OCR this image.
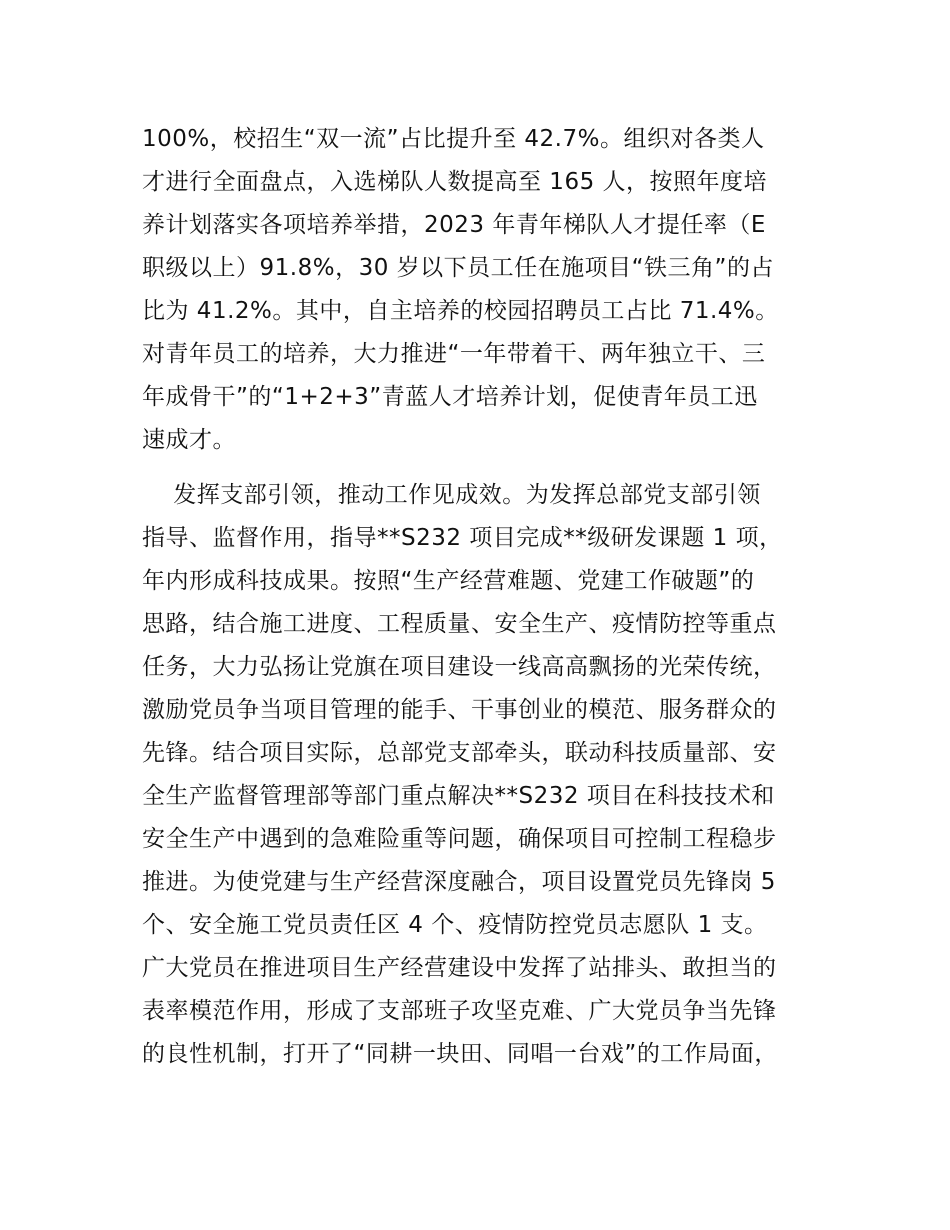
100%，校招生“双一流”占比提升至 42.7%。组织对各类人
才进行全面盘点，入选梯队人数提高至 165 人，按照年度培
养计划落实各项培养举措，2023 年青年梯队人才提任率（E
职级以上）91.8%，30 岁以下员工任在施项目“铁三角”的占
比为 41.2%。其中，自主培养的校园招聘员工占比 71.4%。
对青年员工的培养，大力推进“一年带着干、两年独立干、三
年成骨干”的“1+2+3”青蓝人才培养计划，促使青年员工迅
速成才。
发挥支部引领，推动工作见成效。为发挥总部党支部引领
指导、监督作用，指导**S232 项目完成**级研发课题 1 项，
年内形成科技成果。按照“生产经营难题、党建工作破题”的
思路，结合施工进度、工程质量、安全生产、疫情防控等重点
任务，大力弘扬让党旗在项目建设一线高高飘扬的光荣传统，
激励党员争当项目管理的能手、干事创业的模范、服务群众的
先锋。结合项目实际，总部党支部牵头，联动科技质量部、安
全生产监督管理部等部门重点解决**S232 项目在科技技术和
安全生产中遇到的急难险重等问题，确保项目可控制工程稳步
推进。为使党建与生产经营深度融合，项目设置党员先锋岗 5
个、安全施工党员责任区 4 个、疫情防控党员志愿队 1 支。
广大党员在推进项目生产经营建设中发挥了站排头、敢担当的
表率模范作用，形成了支部班子攻坚克难、广大党员争当先锋
的良性机制，打开了“同耕一块田、同唱一台戏”的工作局面，
